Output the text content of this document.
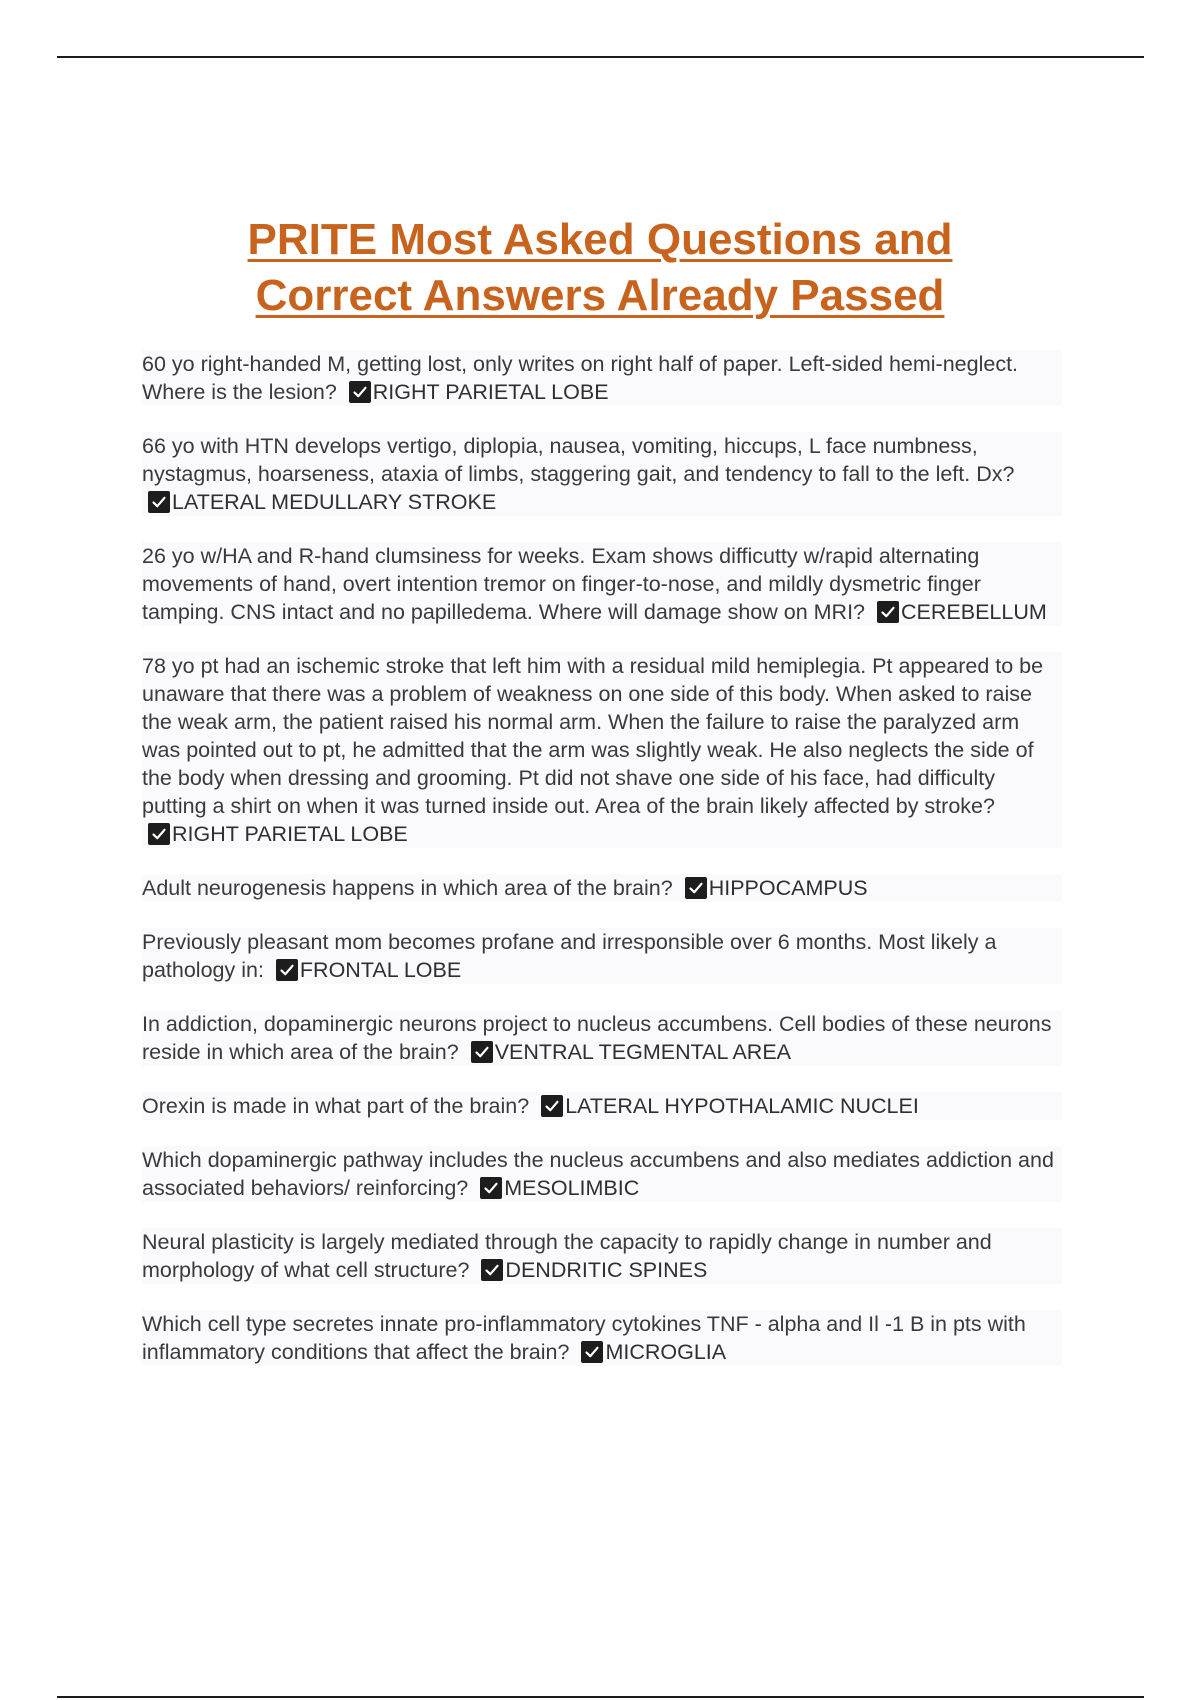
PRITE Most Asked Questions and
Correct Answers Already Passed

60 yo right-handed M, getting lost, only writes on right half of paper. Left-sided hemi-neglect. Where is the lesion? RIGHT PARIETAL LOBE

66 yo with HTN develops vertigo, diplopia, nausea, vomiting, hiccups, L face numbness, nystagmus, hoarseness, ataxia of limbs, staggering gait, and tendency to fall to the left. Dx?
LATERAL MEDULLARY STROKE

26 yo w/HA and R-hand clumsiness for weeks. Exam shows difficutty w/rapid alternating movements of hand, overt intention tremor on finger-to-nose, and mildly dysmetric finger tamping. CNS intact and no papilledema. Where will damage show on MRI? CEREBELLUM

78 yo pt had an ischemic stroke that left him with a residual mild hemiplegia. Pt appeared to be unaware that there was a problem of weakness on one side of this body. When asked to raise the weak arm, the patient raised his normal arm. When the failure to raise the paralyzed arm was pointed out to pt, he admitted that the arm was slightly weak. He also neglects the side of the body when dressing and grooming. Pt did not shave one side of his face, had difficulty putting a shirt on when it was turned inside out. Area of the brain likely affected by stroke?
RIGHT PARIETAL LOBE

Adult neurogenesis happens in which area of the brain? HIPPOCAMPUS

Previously pleasant mom becomes profane and irresponsible over 6 months. Most likely a pathology in: FRONTAL LOBE

In addiction, dopaminergic neurons project to nucleus accumbens. Cell bodies of these neurons reside in which area of the brain? VENTRAL TEGMENTAL AREA

Orexin is made in what part of the brain? LATERAL HYPOTHALAMIC NUCLEI

Which dopaminergic pathway includes the nucleus accumbens and also mediates addiction and associated behaviors/ reinforcing? MESOLIMBIC

Neural plasticity is largely mediated through the capacity to rapidly change in number and morphology of what cell structure? DENDRITIC SPINES

Which cell type secretes innate pro-inflammatory cytokines TNF - alpha and Il -1 B in pts with inflammatory conditions that affect the brain? MICROGLIA
